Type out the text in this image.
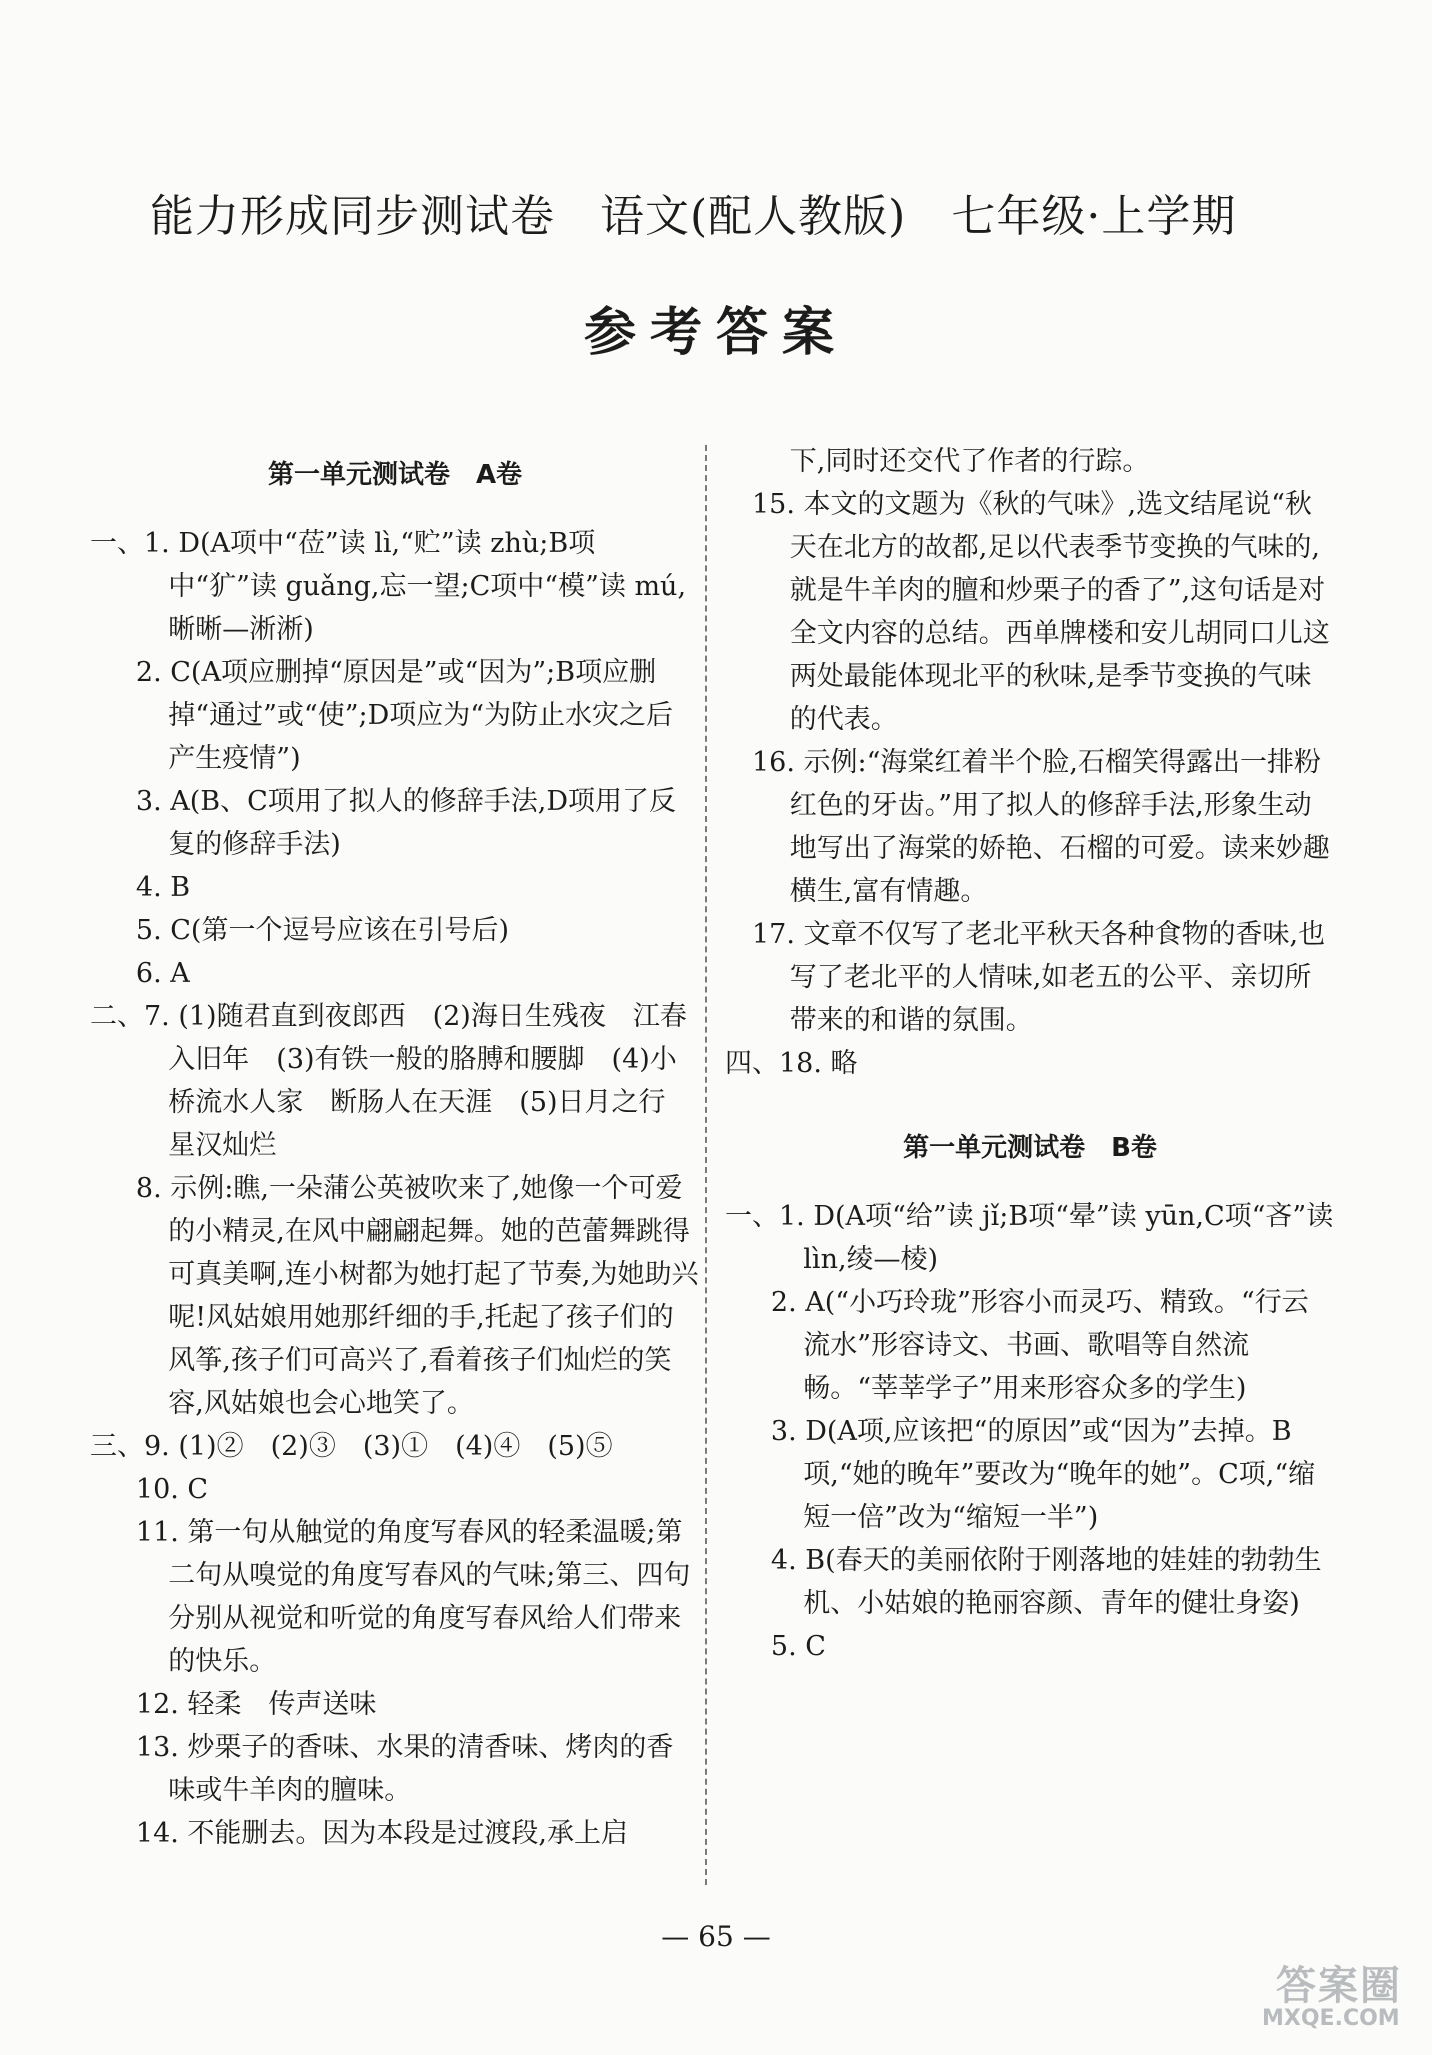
能力形成同步测试卷　语文(配人教版)　七年级·上学期
参考答案
第一单元测试卷　A卷
一、1. D(A项中“莅”读 lì,“贮”读 zhù;B项中“犷”读 guǎng,忘一望;C项中“模”读 mú,晰晰—淅淅)
2. C(A项应删掉“原因是”或“因为”;B项应删掉“通过”或“使”;D项应为“为防止水灾之后产生疫情”)
3. A(B、C项用了拟人的修辞手法,D项用了反复的修辞手法)
4. B
5. C(第一个逗号应该在引号后)
6. A
二、7. (1)随君直到夜郎西　(2)海日生残夜　江春入旧年　(3)有铁一般的胳膊和腰脚　(4)小桥流水人家　断肠人在天涯　(5)日月之行　星汉灿烂
8. 示例:瞧,一朵蒲公英被吹来了,她像一个可爱的小精灵,在风中翩翩起舞。她的芭蕾舞跳得可真美啊,连小树都为她打起了节奏,为她助兴呢!风姑娘用她那纤细的手,托起了孩子们的风筝,孩子们可高兴了,看着孩子们灿烂的笑容,风姑娘也会心地笑了。
三、9. (1)②　(2)③　(3)①　(4)④　(5)⑤
10. C
11. 第一句从触觉的角度写春风的轻柔温暖;第二句从嗅觉的角度写春风的气味;第三、四句分别从视觉和听觉的角度写春风给人们带来的快乐。
12. 轻柔　传声送味
13. 炒栗子的香味、水果的清香味、烤肉的香味或牛羊肉的膻味。
14. 不能删去。因为本段是过渡段,承上启
下,同时还交代了作者的行踪。
15. 本文的文题为《秋的气味》,选文结尾说“秋天在北方的故都,足以代表季节变换的气味的,就是牛羊肉的膻和炒栗子的香了”,这句话是对全文内容的总结。西单牌楼和安儿胡同口儿这两处最能体现北平的秋味,是季节变换的气味的代表。
16. 示例:“海棠红着半个脸,石榴笑得露出一排粉红色的牙齿。”用了拟人的修辞手法,形象生动地写出了海棠的娇艳、石榴的可爱。读来妙趣横生,富有情趣。
17. 文章不仅写了老北平秋天各种食物的香味,也写了老北平的人情味,如老五的公平、亲切所带来的和谐的氛围。
四、18. 略
第一单元测试卷　B卷
一、1. D(A项“给”读 jǐ;B项“晕”读 yūn,C项“吝”读 lìn,绫—棱)
2. A(“小巧玲珑”形容小而灵巧、精致。“行云流水”形容诗文、书画、歌唱等自然流畅。“莘莘学子”用来形容众多的学生)
3. D(A项,应该把“的原因”或“因为”去掉。B项,“她的晚年”要改为“晚年的她”。C项,“缩短一倍”改为“缩短一半”)
4. B(春天的美丽依附于刚落地的娃娃的勃勃生机、小姑娘的艳丽容颜、青年的健壮身姿)
5. C
— 65 —
答案圈
MXQE.COM
